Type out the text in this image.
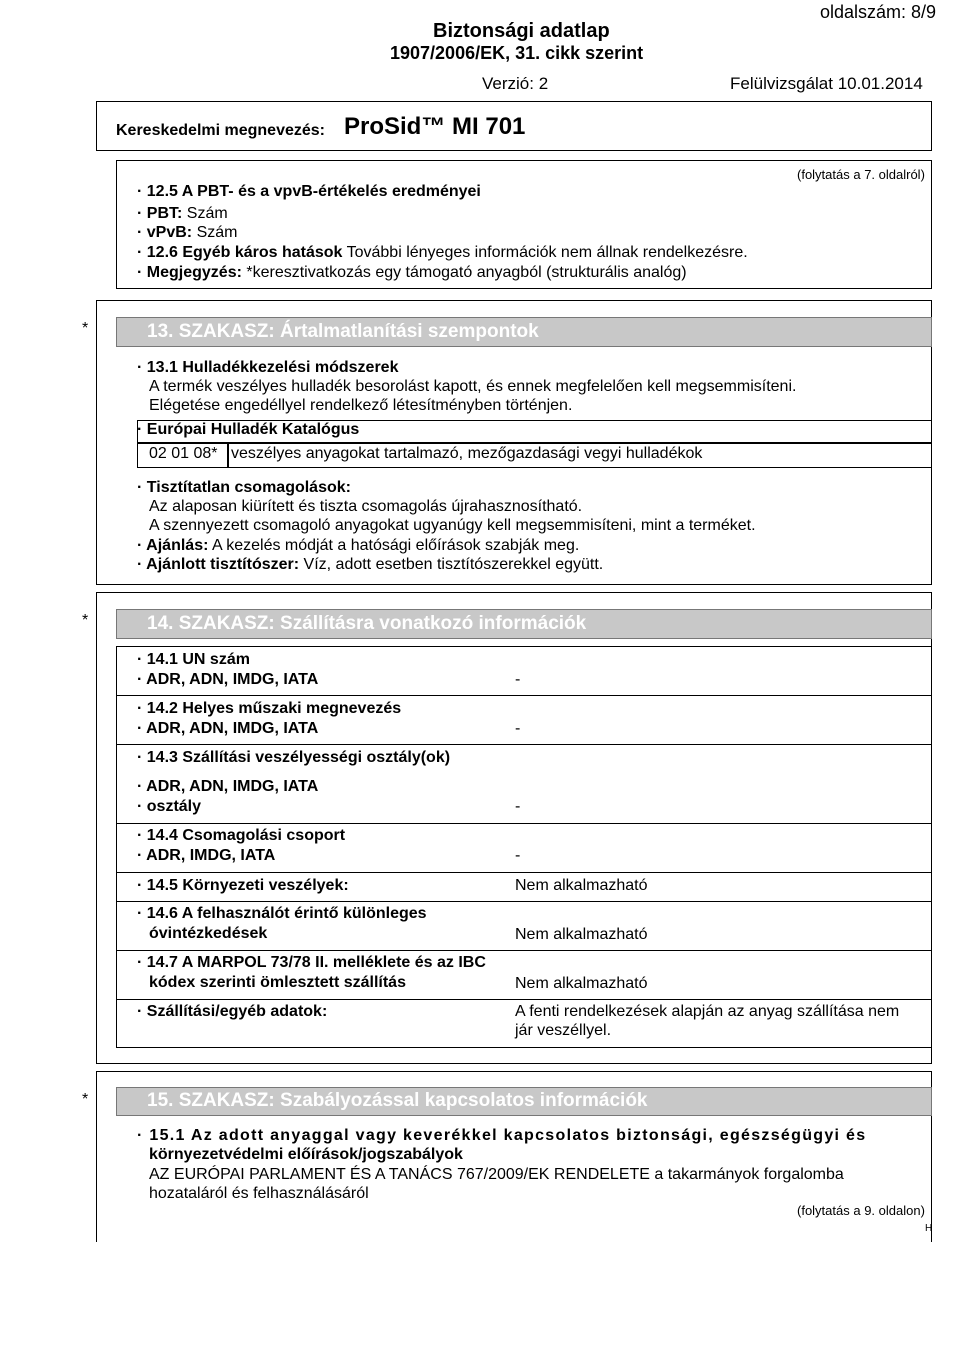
oldalszám: 8/9
Biztonsági adatlap
1907/2006/EK, 31. cikk szerint
Verzió: 2	Felülvizsgálat 10.01.2014
Kereskedelmi megnevezés: ProSid™ MI 701
(folytatás a 7. oldalról)
· 12.5 A PBT- és a vpvB-értékelés eredményei
· PBT: Szám
· vPvB: Szám
· 12.6 Egyéb káros hatások További lényeges információk nem állnak rendelkezésre.
· Megjegyzés: *keresztivatkozás egy támogató anyagból (strukturális analóg)
*	13. SZAKASZ: Ártalmatlanítási szempontok
· 13.1 Hulladékkezelési módszerek
A termék veszélyes hulladék besorolást kapott, és ennek megfelelően kell megsemmisíteni.
Elégetése engedéllyel rendelkező létesítményben történjen.
· Európai Hulladék Katalógus
02 01 08* veszélyes anyagokat tartalmazó, mezőgazdasági vegyi hulladékok
· Tisztítatlan csomagolások:
Az alaposan kiürített és tiszta csomagolás újrahasznosítható.
A szennyezett csomagoló anyagokat ugyanúgy kell megsemmisíteni, mint a terméket.
· Ajánlás: A kezelés módját a hatósági előírások szabják meg.
· Ajánlott tisztítószer: Víz, adott esetben tisztítószerekkel együtt.
*	14. SZAKASZ: Szállításra vonatkozó információk
· 14.1 UN szám
· ADR, ADN, IMDG, IATA	-
· 14.2 Helyes műszaki megnevezés
· ADR, ADN, IMDG, IATA	-
· 14.3 Szállítási veszélyességi osztály(ok)
· ADR, ADN, IMDG, IATA
· osztály	-
· 14.4 Csomagolási csoport
· ADR, IMDG, IATA	-
· 14.5 Környezeti veszélyek:	Nem alkalmazható
· 14.6 A felhasználót érintő különleges
óvintézkedések	Nem alkalmazható
· 14.7 A MARPOL 73/78 II. melléklete és az IBC
kódex szerinti ömlesztett szállítás	Nem alkalmazható
· Szállítási/egyéb adatok:	A fenti rendelkezések alapján az anyag szállítása nem
jár veszéllyel.
*	15. SZAKASZ: Szabályozással kapcsolatos információk
· 15.1 Az adott anyaggal vagy keverékkel kapcsolatos biztonsági, egészségügyi és
környezetvédelmi előírások/jogszabályok
AZ EURÓPAI PARLAMENT ÉS A TANÁCS 767/2009/EK RENDELETE a takarmányok forgalomba
hozataláról és felhasználásáról
(folytatás a 9. oldalon)
H
